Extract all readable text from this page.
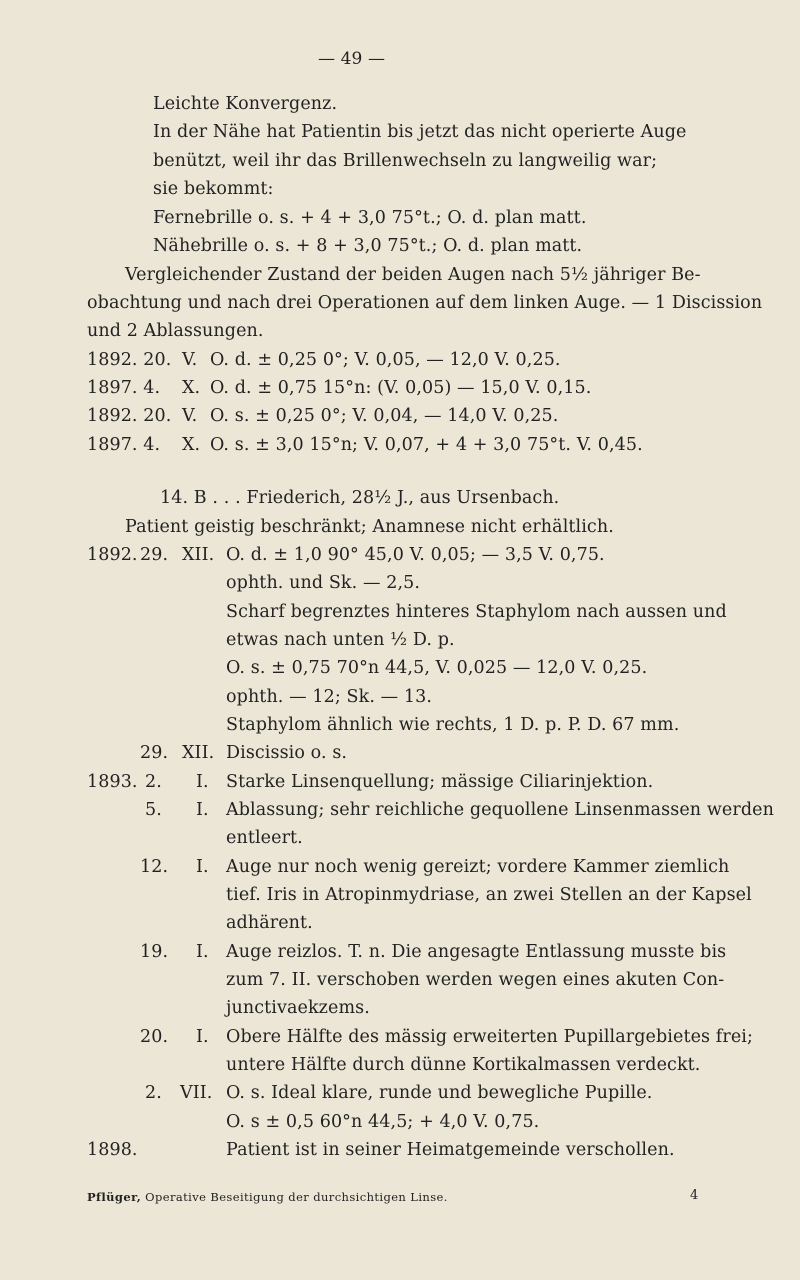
— 49 —
Leichte Konvergenz.
In der Nähe hat Patientin bis jetzt das nicht operierte Auge
benützt, weil ihr das Brillenwechseln zu langweilig war;
sie bekommt:
Fernebrille o. s. + 4 + 3,0 75°t.; O. d. plan matt.
Nähebrille o. s. + 8 + 3,0 75°t.; O. d. plan matt.
Vergleichender Zustand der beiden Augen nach 5½ jähriger Be-
obachtung und nach drei Operationen auf dem linken Auge. — 1 Discission
und 2 Ablassungen.
1892. 20. V. O. d. ± 0,25 0°; V. 0,05, — 12,0 V. 0,25.
1897. 4. X. O. d. ± 0,75 15°n: (V. 0,05) — 15,0 V. 0,15.
1892. 20. V. O. s. ± 0,25 0°; V. 0,04, — 14,0 V. 0,25.
1897. 4. X. O. s. ± 3,0 15°n; V. 0,07, + 4 + 3,0 75°t. V. 0,45.
14. B . . . Friederich, 28½ J., aus Ursenbach.
Patient geistig beschränkt; Anamnese nicht erhältlich.
1892. 29. XII. O. d. ± 1,0 90° 45,0 V. 0,05; — 3,5 V. 0,75.
ophth. und Sk. — 2,5.
Scharf begrenztes hinteres Staphylom nach aussen und
etwas nach unten ½ D. p.
O. s. ± 0,75 70°n 44,5, V. 0,025 — 12,0 V. 0,25.
ophth. — 12; Sk. — 13.
Staphylom ähnlich wie rechts, 1 D. p. P. D. 67 mm.
29. XII. Discissio o. s.
1893. 2. I. Starke Linsenquellung; mässige Ciliarinjektion.
5. I. Ablassung; sehr reichliche gequollene Linsenmassen werden
entleert.
12. I. Auge nur noch wenig gereizt; vordere Kammer ziemlich
tief. Iris in Atropinmydriase, an zwei Stellen an der Kapsel
adhärent.
19. I. Auge reizlos. T. n. Die angesagte Entlassung musste bis
zum 7. II. verschoben werden wegen eines akuten Con-
junctivaekzems.
20. I. Obere Hälfte des mässig erweiterten Pupillargebietes frei;
untere Hälfte durch dünne Kortikalmassen verdeckt.
2. VII. O. s. Ideal klare, runde und bewegliche Pupille.
O. s ± 0,5 60°n 44,5; + 4,0 V. 0,75.
1898.	Patient ist in seiner Heimatgemeinde verschollen.
Pflüger, Operative Beseitigung der durchsichtigen Linse.	4
